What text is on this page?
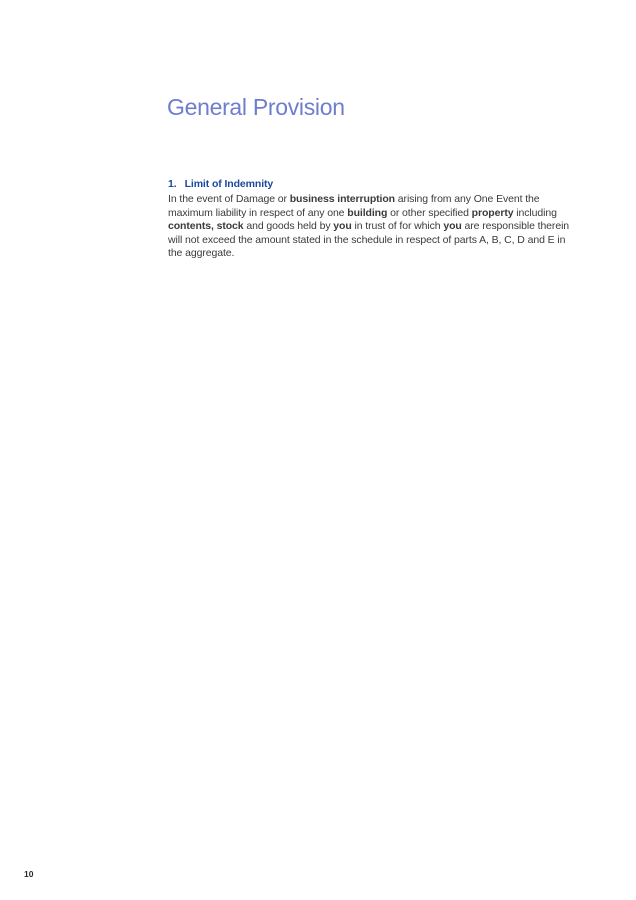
General Provision
1. Limit of Indemnity

In the event of Damage or business interruption arising from any One Event the maximum liability in respect of any one building or other specified property including contents, stock and goods held by you in trust of for which you are responsible therein will not exceed the amount stated in the schedule in respect of parts A, B, C, D and E in the aggregate.

10
